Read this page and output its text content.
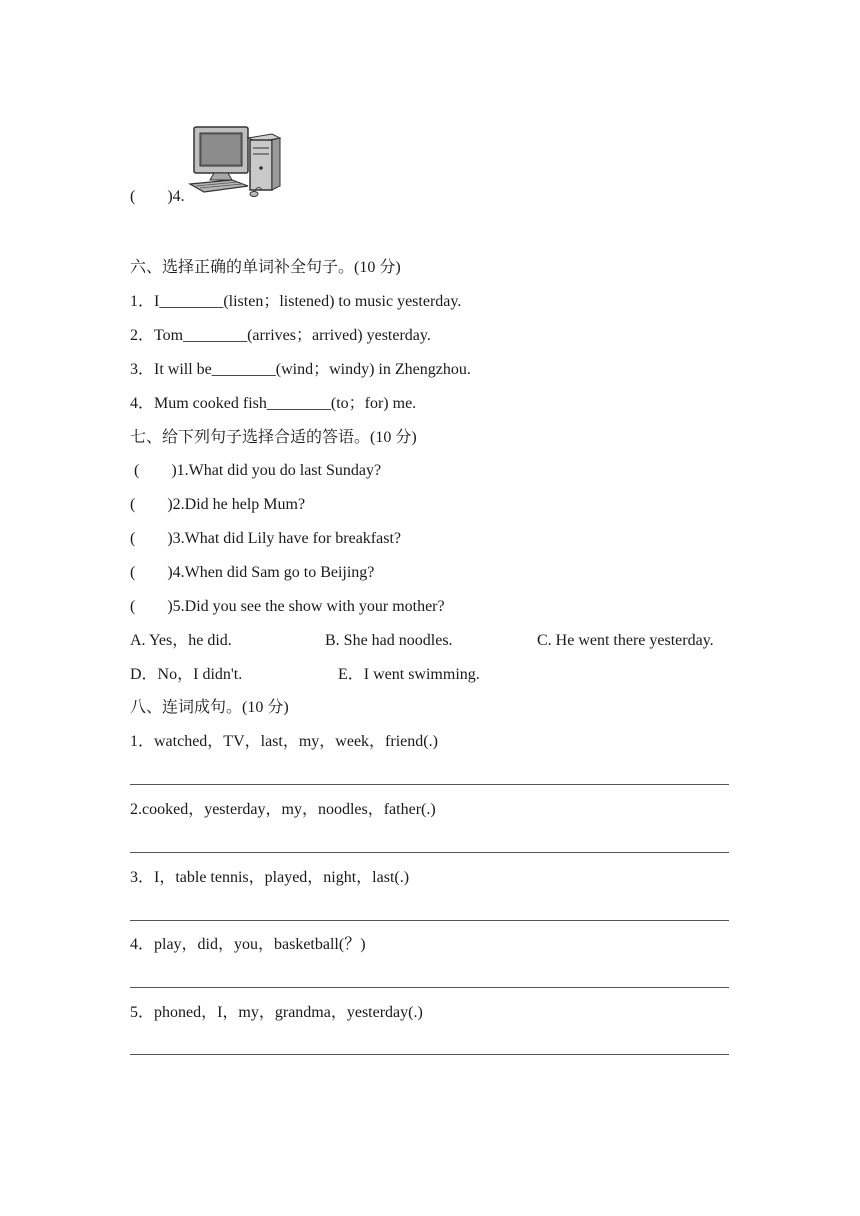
(　　)4.
六、选择正确的单词补全句子。(10 分)
1．I________(listen；listened) to music yesterday.
2．Tom________(arrives；arrived) yesterday.
3．It will be________(wind；windy) in Zhengzhou.
4．Mum cooked fish________(to；for) me.
七、给下列句子选择合适的答语。(10 分)
(　　)1.What did you do last Sunday?
(　　)2.Did he help Mum?
(　　)3.What did Lily have for breakfast?
(　　)4.When did Sam go to Beijing?
(　　)5.Did you see the show with your mother?
A. Yes，he did.	B. She had noodles.	C. He went there yesterday.
D．No，I didn't.	E．I went swimming.
八、连词成句。(10 分)
1．watched，TV，last，my，week，friend(.)
2.cooked，yesterday，my，noodles，father(.)
3．I，table tennis，played，night，last(.)
4．play，did，you，basketball(？)
5．phoned，I，my，grandma，yesterday(.)
